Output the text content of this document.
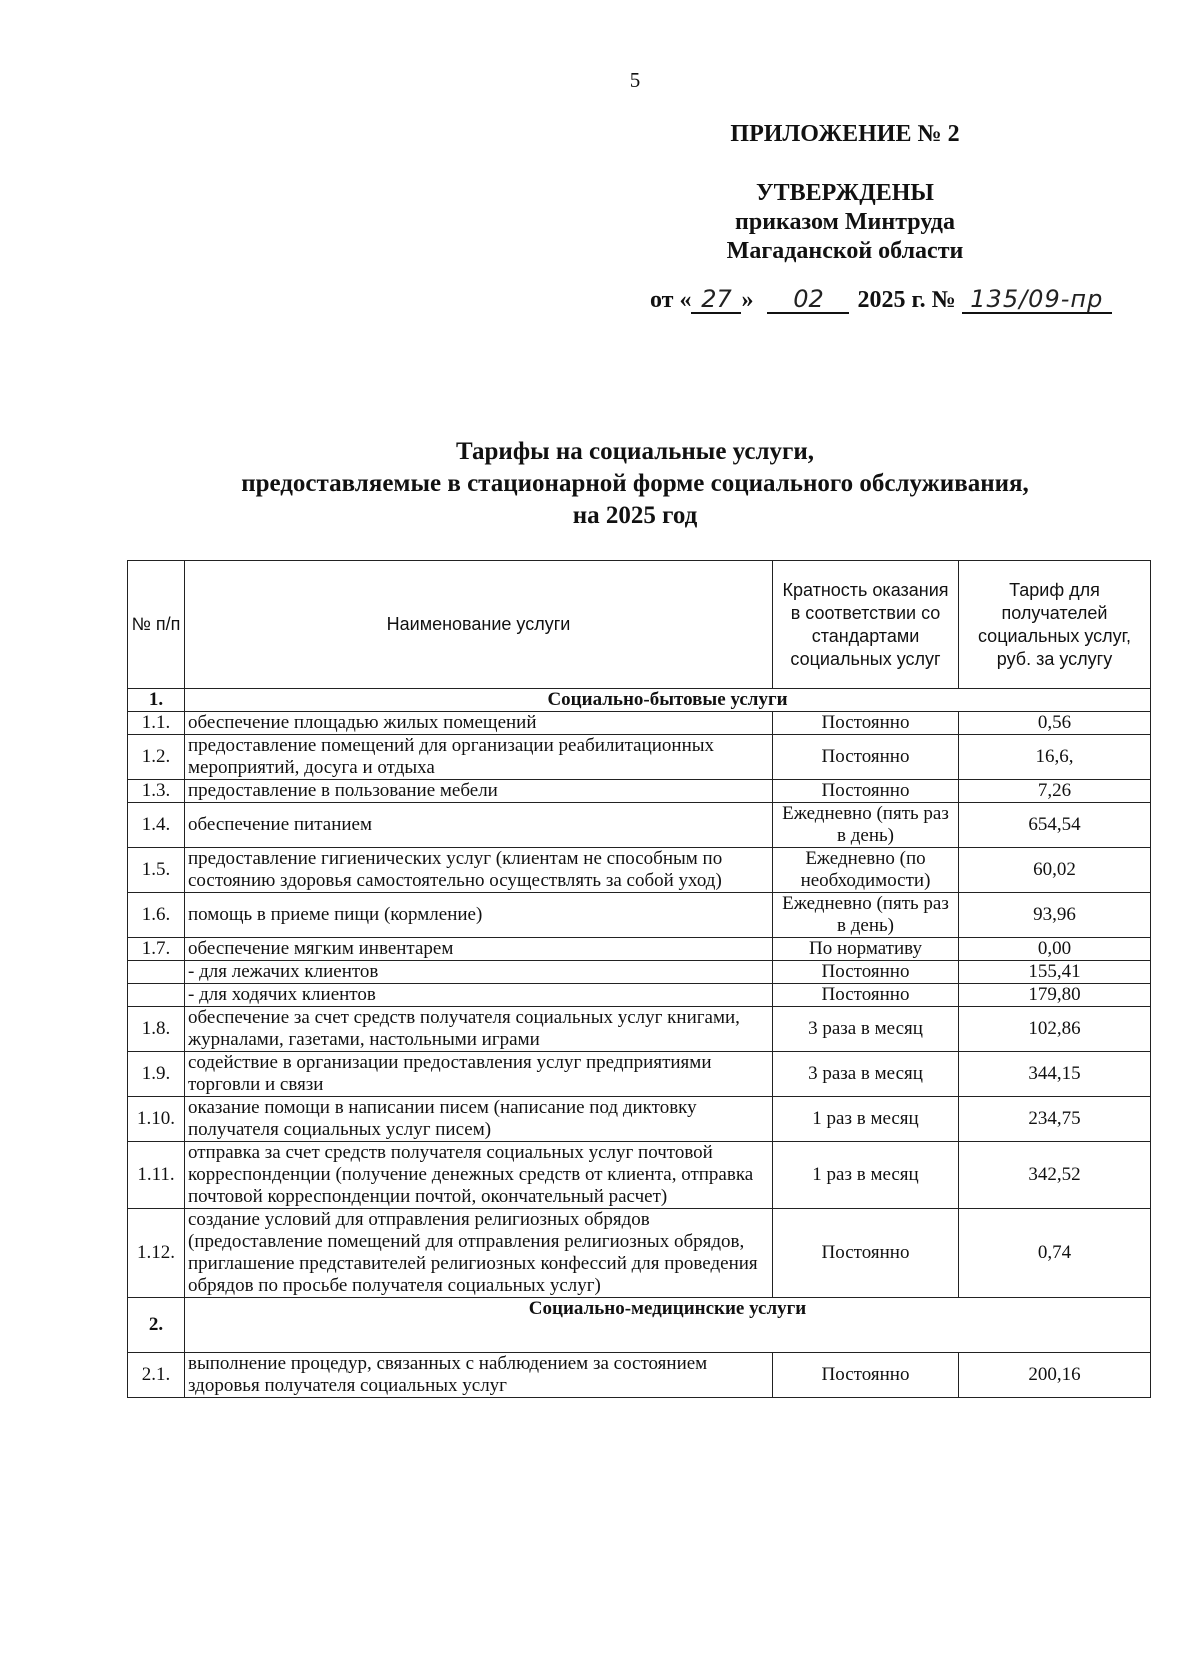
5
ПРИЛОЖЕНИЕ № 2
УТВЕРЖДЕНЫ
приказом Минтруда
Магаданской области
от « 27 » 02 2025 г. № 135/09-пр
Тарифы на социальные услуги,
предоставляемые в стационарной форме социального обслуживания,
на 2025 год
№ п/п	Наименование услуги	Кратность оказания в соответствии со стандартами социальных услуг	Тариф для получателей социальных услуг, руб. за услугу
1.	Социально-бытовые услуги		
1.1.	обеспечение площадью жилых помещений	Постоянно	0,56
1.2.	предоставление помещений для организации реабилитационных мероприятий, досуга и отдыха	Постоянно	16,6,
1.3.	предоставление в пользование мебели	Постоянно	7,26
1.4.	обеспечение питанием	Ежедневно (пять раз в день)	654,54
1.5.	предоставление гигиенических услуг (клиентам не способным по состоянию здоровья самостоятельно осуществлять за собой уход)	Ежедневно (по необходимости)	60,02
1.6.	помощь в приеме пищи (кормление)	Ежедневно (пять раз в день)	93,96
1.7.	обеспечение мягким инвентарем	По нормативу	0,00
	- для лежачих клиентов	Постоянно	155,41
	- для ходячих клиентов	Постоянно	179,80
1.8.	обеспечение за счет средств получателя социальных услуг книгами, журналами, газетами, настольными играми	3 раза в месяц	102,86
1.9.	содействие в организации предоставления услуг предприятиями торговли и связи	3 раза в месяц	344,15
1.10.	оказание помощи в написании писем (написание под диктовку получателя социальных услуг писем)	1 раз в месяц	234,75
1.11.	отправка за счет средств получателя социальных услуг почтовой корреспонденции (получение денежных средств от клиента, отправка почтовой корреспонденции почтой, окончательный расчет)	1 раз в месяц	342,52
1.12.	создание условий для отправления религиозных обрядов (предоставление помещений для отправления религиозных обрядов, приглашение представителей религиозных конфессий для проведения обрядов по просьбе получателя социальных услуг)	Постоянно	0,74
2.	Социально-медицинские услуги		
2.1.	выполнение процедур, связанных с наблюдением за состоянием здоровья получателя социальных услуг	Постоянно	200,16
